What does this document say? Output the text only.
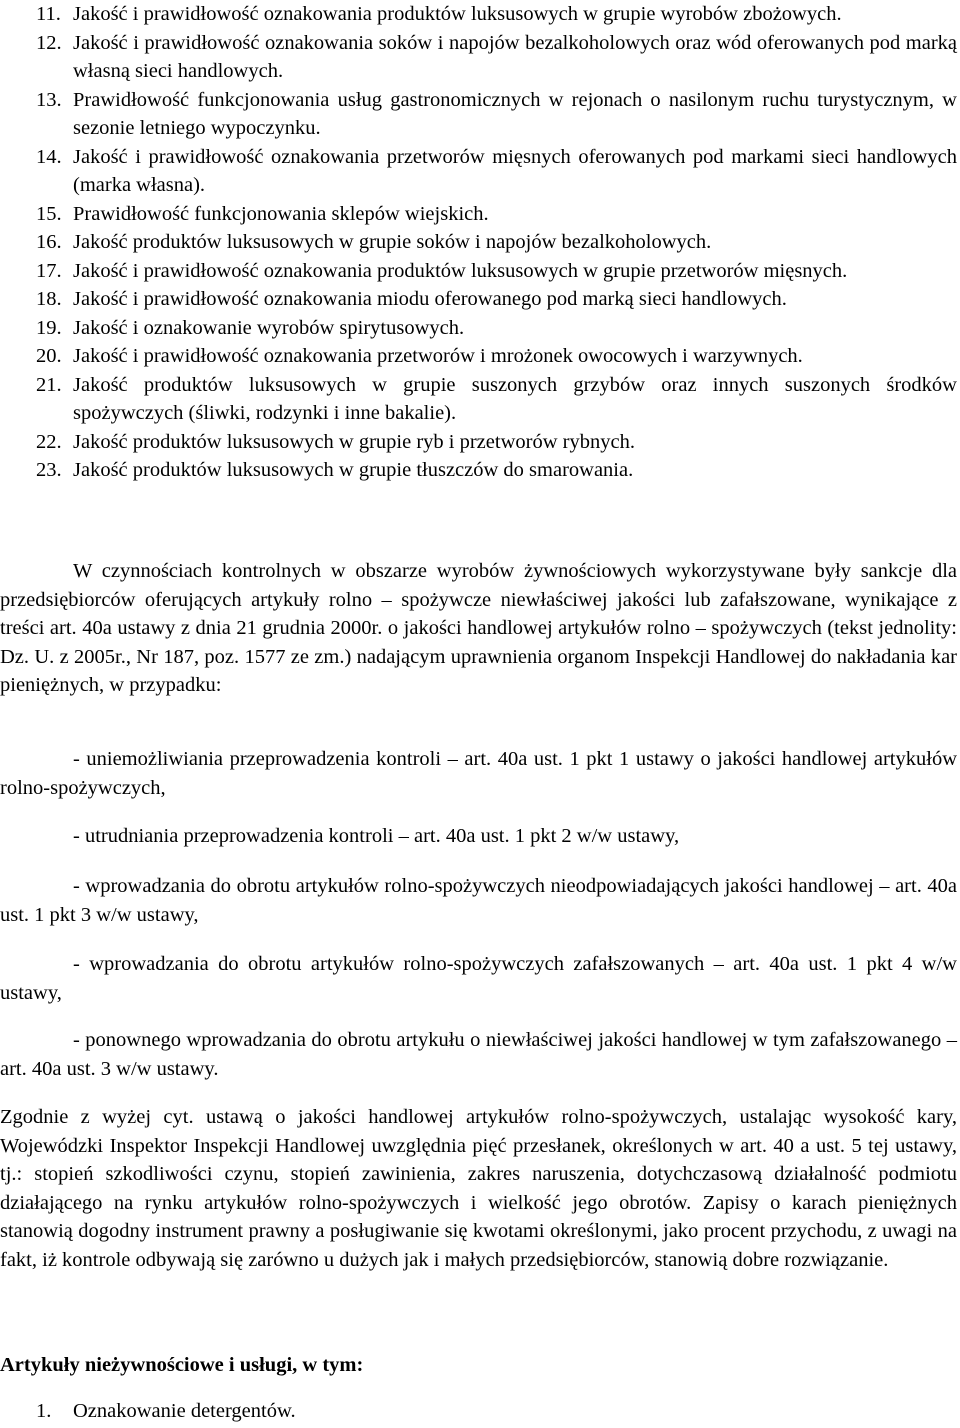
11. Jakość i prawidłowość oznakowania produktów luksusowych w grupie wyrobów zbożowych.
12. Jakość i prawidłowość oznakowania soków i napojów bezalkoholowych oraz wód oferowanych pod marką własną sieci handlowych.
13. Prawidłowość funkcjonowania usług gastronomicznych w rejonach o nasilonym ruchu turystycznym, w sezonie letniego wypoczynku.
14. Jakość i prawidłowość oznakowania przetworów mięsnych oferowanych pod markami sieci handlowych (marka własna).
15. Prawidłowość funkcjonowania sklepów wiejskich.
16. Jakość produktów luksusowych w grupie soków i napojów bezalkoholowych.
17. Jakość i prawidłowość oznakowania produktów luksusowych w grupie przetworów mięsnych.
18. Jakość i prawidłowość oznakowania miodu oferowanego pod marką sieci handlowych.
19. Jakość i oznakowanie wyrobów spirytusowych.
20. Jakość i prawidłowość oznakowania przetworów i mrożonek owocowych i warzywnych.
21. Jakość produktów luksusowych w grupie suszonych grzybów oraz innych suszonych środków spożywczych (śliwki, rodzynki i inne bakalie).
22. Jakość produktów luksusowych w grupie ryb i przetworów rybnych.
23. Jakość produktów luksusowych w grupie tłuszczów do smarowania.

W czynnościach kontrolnych w obszarze wyrobów żywnościowych wykorzystywane były sankcje dla przedsiębiorców oferujących artykuły rolno – spożywcze niewłaściwej jakości lub zafałszowane, wynikające z treści art. 40a ustawy z dnia 21 grudnia 2000r. o jakości handlowej artykułów rolno – spożywczych (tekst jednolity: Dz. U. z 2005r., Nr 187, poz. 1577 ze zm.) nadającym uprawnienia organom Inspekcji Handlowej do nakładania kar pieniężnych, w przypadku:

- uniemożliwiania przeprowadzenia kontroli – art. 40a ust. 1 pkt 1 ustawy o jakości handlowej artykułów rolno-spożywczych,

- utrudniania przeprowadzenia kontroli – art. 40a ust. 1 pkt 2 w/w ustawy,

- wprowadzania do obrotu artykułów rolno-spożywczych nieodpowiadających jakości handlowej – art. 40a ust. 1 pkt 3 w/w ustawy,

- wprowadzania do obrotu artykułów rolno-spożywczych zafałszowanych – art. 40a ust. 1 pkt 4 w/w ustawy,

- ponownego wprowadzania do obrotu artykułu o niewłaściwej jakości handlowej w tym zafałszowanego – art. 40a ust. 3 w/w ustawy.

Zgodnie z wyżej cyt. ustawą o jakości handlowej artykułów rolno-spożywczych, ustalając wysokość kary, Wojewódzki Inspektor Inspekcji Handlowej uwzględnia pięć przesłanek, określonych w art. 40 a ust. 5 tej ustawy, tj.: stopień szkodliwości czynu, stopień zawinienia, zakres naruszenia, dotychczasową działalność podmiotu działającego na rynku artykułów rolno-spożywczych i wielkość jego obrotów. Zapisy o karach pieniężnych stanowią dogodny instrument prawny a posługiwanie się kwotami określonymi, jako procent przychodu, z uwagi na fakt, iż kontrole odbywają się zarówno u dużych jak i małych przedsiębiorców, stanowią dobre rozwiązanie.

Artykuły nieżywnościowe i usługi, w tym:
1. Oznakowanie detergentów.
